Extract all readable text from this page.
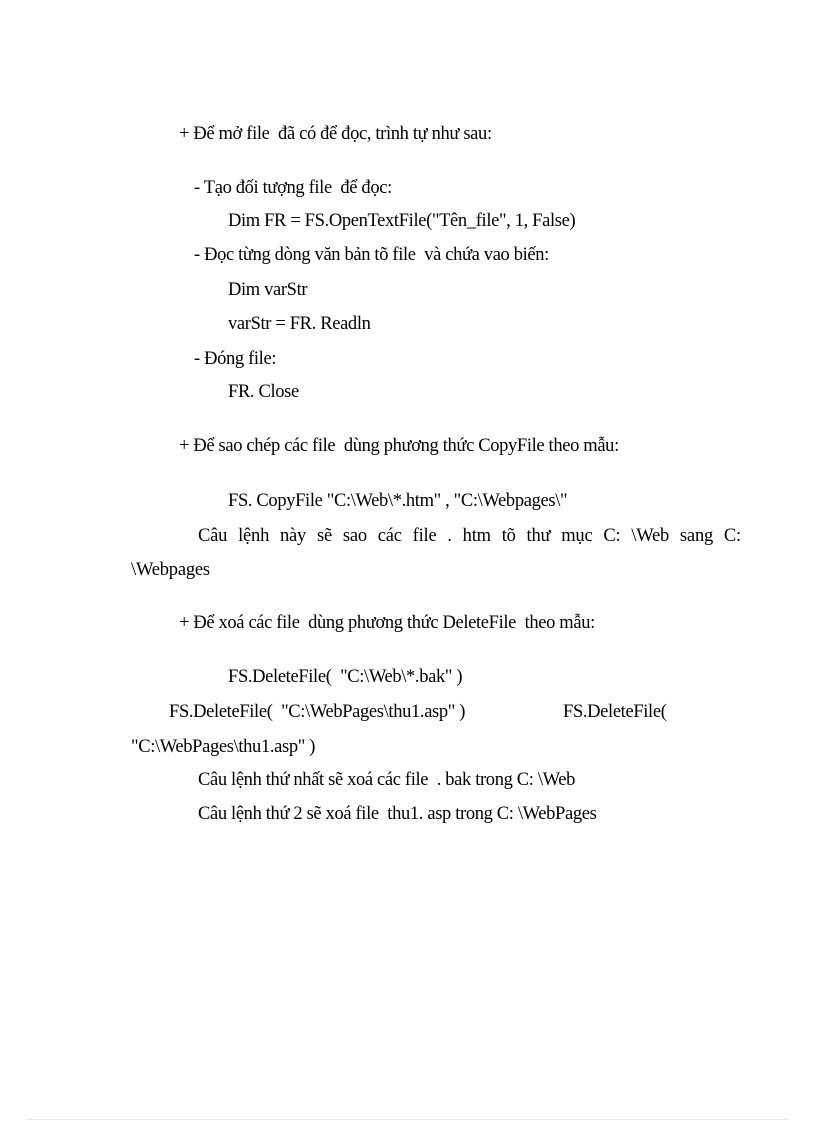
+ Để mở file  đã có để đọc, trình tự như sau:
- Tạo đối tượng file  để đọc:
Dim FR = FS.OpenTextFile("Tên_file", 1, False)
- Đọc từng dòng văn bản tõ file  và chứa vao biến:
Dim varStr
varStr = FR. Readln
- Đóng file:
FR. Close
+ Để sao chép các file  dùng phương thức CopyFile theo mẫu:
FS. CopyFile "C:\Web\*.htm" , "C:\Webpages\"
Câu lệnh này sẽ sao các file . htm tõ thư mục C: \Web sang C: \Webpages
+ Để xoá các file  dùng phương thức DeleteFile  theo mẫu:
FS.DeleteFile(  "C:\Web\*.bak" )
FS.DeleteFile(  "C:\WebPages\thu1.asp" )	FS.DeleteFile(
"C:\WebPages\thu1.asp" )
Câu lệnh thứ nhất sẽ xoá các file  . bak trong C: \Web
Câu lệnh thứ 2 sẽ xoá file  thu1. asp trong C: \WebPages
